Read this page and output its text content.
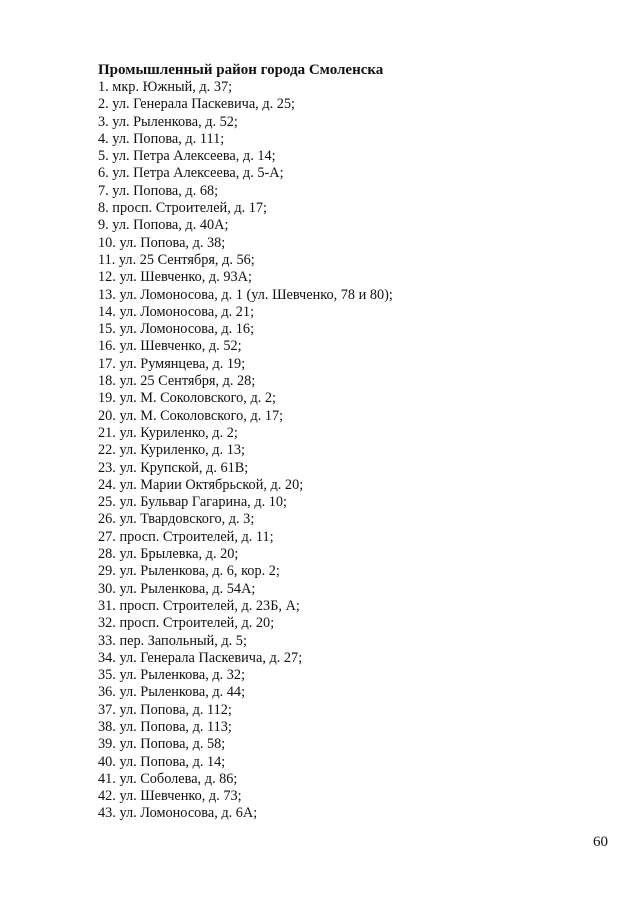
Промышленный район города Смоленска
1. мкр. Южный, д. 37;
2. ул. Генерала Паскевича, д. 25;
3. ул. Рыленкова, д. 52;
4. ул. Попова, д. 111;
5. ул. Петра Алексеева, д. 14;
6. ул. Петра Алексеева, д. 5-А;
7. ул. Попова, д. 68;
8. просп. Строителей, д. 17;
9. ул. Попова, д. 40А;
10. ул. Попова, д. 38;
11. ул. 25 Сентября, д. 56;
12. ул. Шевченко, д. 93А;
13. ул. Ломоносова, д. 1 (ул. Шевченко, 78 и 80);
14. ул. Ломоносова, д. 21;
15. ул. Ломоносова, д. 16;
16. ул. Шевченко, д. 52;
17. ул. Румянцева, д. 19;
18. ул. 25 Сентября, д. 28;
19. ул. М. Соколовского, д. 2;
20. ул. М. Соколовского, д. 17;
21. ул. Куриленко, д. 2;
22. ул. Куриленко, д. 13;
23. ул. Крупской, д. 61В;
24. ул. Марии Октябрьской, д. 20;
25. ул. Бульвар Гагарина, д. 10;
26. ул. Твардовского, д. 3;
27. просп. Строителей, д. 11;
28. ул. Брылевка, д. 20;
29. ул. Рыленкова, д. 6, кор. 2;
30. ул. Рыленкова, д. 54А;
31. просп. Строителей, д. 23Б, А;
32. просп. Строителей, д. 20;
33. пер. Запольный, д. 5;
34. ул. Генерала Паскевича, д. 27;
35. ул. Рыленкова, д. 32;
36. ул. Рыленкова, д. 44;
37. ул. Попова, д. 112;
38. ул. Попова, д. 113;
39. ул. Попова, д. 58;
40. ул. Попова, д. 14;
41. ул. Соболева, д. 86;
42. ул. Шевченко, д. 73;
43. ул. Ломоносова, д. 6А;
60
